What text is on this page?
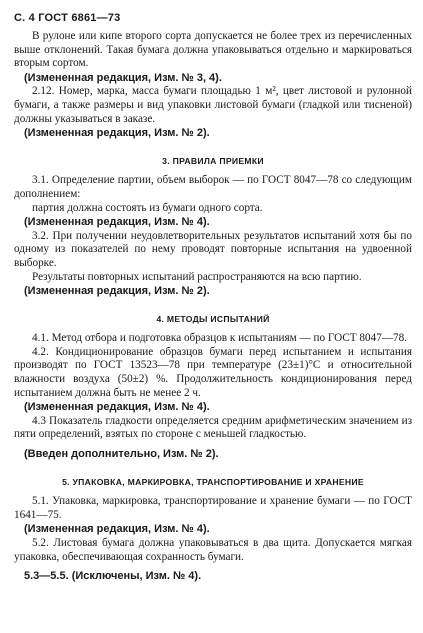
С. 4 ГОСТ 6861—73

В рулоне или кипе второго сорта допускается не более трех из перечисленных выше отклонений. Такая бумага должна упаковываться отдельно и маркироваться вторым сортом.

(Измененная редакция, Изм. № 3, 4).

2.12. Номер, марка, масса бумаги площадью 1 м², цвет листовой и рулонной бумаги, а также размеры и вид упаковки листовой бумаги (гладкой или тисненой) должны указываться в заказе.

(Измененная редакция, Изм. № 2).

3. ПРАВИЛА ПРИЕМКИ

3.1. Определение партии, объем выборок — по ГОСТ 8047—78 со следующим дополнением:

партия должна состоять из бумаги одного сорта.

(Измененная редакция, Изм. № 4).

3.2. При получении неудовлетворительных результатов испытаний хотя бы по одному из показателей по нему проводят повторные испытания на удвоенной выборке.

Результаты повторных испытаний распространяются на всю партию.

(Измененная редакция, Изм. № 2).

4. МЕТОДЫ ИСПЫТАНИЙ

4.1. Метод отбора и подготовка образцов к испытаниям — по ГОСТ 8047—78.

4.2. Кондиционирование образцов бумаги перед испытанием и испытания производят по ГОСТ 13523—78 при температуре (23±1)°С и относительной влажности воздуха (50±2) %. Продолжительность кондиционирования перед испытанием должна быть не менее 2 ч.

(Измененная редакция, Изм. № 4).

4.3 Показатель гладкости определяется средним арифметическим значением из пяти определений, взятых по стороне с меньшей гладкостью.

(Введен дополнительно, Изм. № 2).

5. УПАКОВКА, МАРКИРОВКА, ТРАНСПОРТИРОВАНИЕ И ХРАНЕНИЕ

5.1. Упаковка, маркировка, транспортирование и хранение бумаги — по ГОСТ 1641—75.

(Измененная редакция, Изм. № 4).

5.2. Листовая бумага должна упаковываться в два щита. Допускается мягкая упаковка, обеспечивающая сохранность бумаги.

5.3—5.5. (Исключены, Изм. № 4).
